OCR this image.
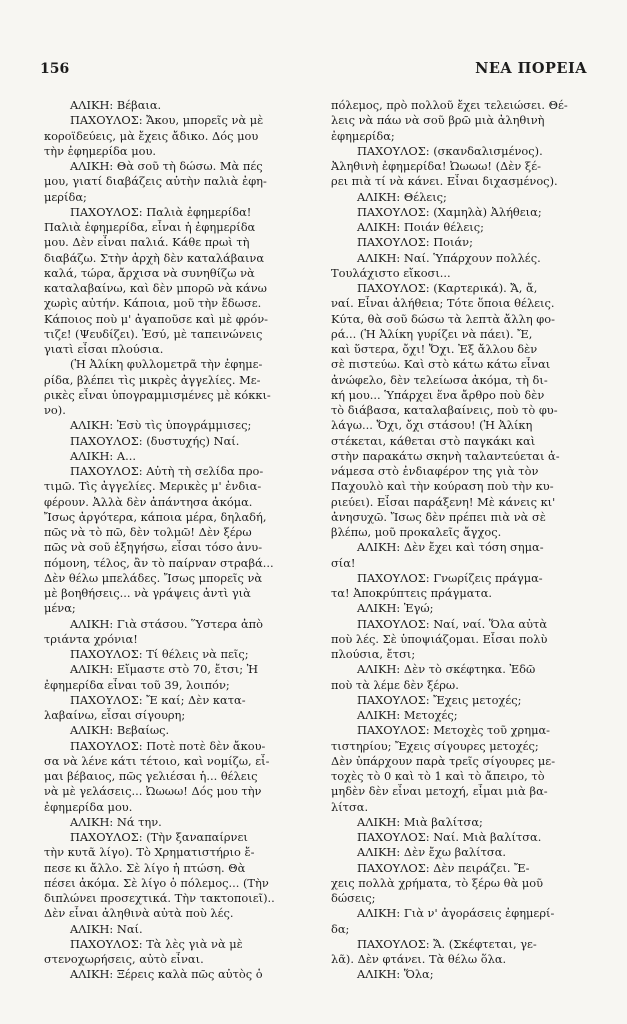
156	ΝΕΑ ΠΟΡΕΙΑ
ΑΛΙΚΗ: Βέβαια.
ΠΑΧΟΥΛΟΣ: Ἄκου, μπορεῖς νὰ μὲ
κοροϊδεύεις, μὰ ἔχεις ἄδικο. Δός μου
τὴν ἐφημερίδα μου.
ΑΛΙΚΗ: Θὰ σοῦ τὴ δώσω. Μὰ πές
μου, γιατί διαβάζεις αὐτὴν παλιὰ ἐφη-
μερίδα;
ΠΑΧΟΥΛΟΣ: Παλιὰ ἐφημερίδα!
Παλιὰ ἐφημερίδα, εἶναι ἡ ἐφημερίδα
μου. Δὲν εἶναι παλιά. Κάθε πρωὶ τὴ
διαβάζω. Στὴν ἀρχὴ δὲν καταλάβαινα
καλά, τώρα, ἄρχισα νὰ συνηθίζω νὰ
καταλαβαίνω, καὶ δὲν μπορῶ νὰ κάνω
χωρὶς αὐτήν. Κάποια, μοῦ τὴν ἔδωσε.
Κάποιος ποὺ μ' ἀγαποῦσε καὶ μὲ φρόν-
τιζε! (Ψευδίζει). Ἐσύ, μὲ ταπεινώνεις
γιατὶ εἶσαι πλούσια.
(Ἡ Ἀλίκη φυλλομετρᾶ τὴν ἐφημε-
ρίδα, βλέπει τὶς μικρὲς ἀγγελίες. Με-
ρικὲς εἶναι ὑπογραμμισμένες μὲ κόκκι-
νο).
ΑΛΙΚΗ: Ἐσὺ τὶς ὑπογράμμισες;
ΠΑΧΟΥΛΟΣ: (δυστυχής) Ναί.
ΑΛΙΚΗ: Α...
ΠΑΧΟΥΛΟΣ: Αὐτὴ τὴ σελίδα προ-
τιμῶ. Τὶς ἀγγελίες. Μερικὲς μ' ἐνδια-
φέρουν. Ἀλλὰ δὲν ἀπάντησα ἀκόμα.
Ἴσως ἀργότερα, κάποια μέρα, δηλαδή,
πῶς νὰ τὸ πῶ, δὲν τολμῶ! Δὲν ξέρω
πῶς νὰ σοῦ ἐξηγήσω, εἶσαι τόσο ἀνυ-
πόμονη, τέλος, ἂν τὸ παίρναν στραβά...
Δὲν θέλω μπελάδες. Ἴσως μπορεῖς νὰ
μὲ βοηθήσεις... νὰ γράψεις ἀντὶ γιὰ
μένα;
ΑΛΙΚΗ: Γιὰ στάσου. Ὕστερα ἀπὸ
τριάντα χρόνια!
ΠΑΧΟΥΛΟΣ: Τί θέλεις νὰ πεῖς;
ΑΛΙΚΗ: Εἴμαστε στὸ 70, ἔτσι; Ἡ
ἐφημερίδα εἶναι τοῦ 39, λοιπόν;
ΠΑΧΟΥΛΟΣ: Ἔ καί; Δὲν κατα-
λαβαίνω, εἶσαι σίγουρη;
ΑΛΙΚΗ: Βεβαίως.
ΠΑΧΟΥΛΟΣ: Ποτὲ ποτὲ δὲν ἄκου-
σα νὰ λένε κάτι τέτοιο, καὶ νομίζω, εἶ-
μαι βέβαιος, πῶς γελιέσαι ἡ... θέλεις
νὰ μὲ γελάσεις... Ὠωωω! Δός μου τὴν
ἐφημερίδα μου.
ΑΛΙΚΗ: Νά την.
ΠΑΧΟΥΛΟΣ: (Τὴν ξαναπαίρνει
τὴν κυτᾶ λίγο). Τὸ Χρηματιστήριο ἔ-
πεσε κι ἄλλο. Σὲ λίγο ἡ πτώση. Θὰ
πέσει ἀκόμα. Σὲ λίγο ὁ πόλεμος... (Τὴν
διπλώνει προσεχτικά. Τὴν τακτοποιεῖ)..
Δὲν εἶναι ἀληθινὰ αὐτὰ ποὺ λές.
ΑΛΙΚΗ: Ναί.
ΠΑΧΟΥΛΟΣ: Τὰ λὲς γιὰ νὰ μὲ
στενοχωρήσεις, αὐτὸ εἶναι.
ΑΛΙΚΗ: Ξέρεις καλὰ πῶς αὐτὸς ὁ
πόλεμος, πρὸ πολλοῦ ἔχει τελειώσει. Θέ-
λεις νὰ πάω νὰ σοῦ βρῶ μιὰ ἀληθινὴ
ἐφημερίδα;
ΠΑΧΟΥΛΟΣ: (σκανδαλισμένος).
Ἀληθινὴ ἐφημερίδα! Ὠωωω! (Δὲν ξέ-
ρει πιὰ τί νὰ κάνει. Εἶναι διχασμένος).
ΑΛΙΚΗ: Θέλεις;
ΠΑΧΟΥΛΟΣ: (Χαμηλὰ) Ἀλήθεια;
ΑΛΙΚΗ: Ποιάν θέλεις;
ΠΑΧΟΥΛΟΣ: Ποιάν;
ΑΛΙΚΗ: Ναί. Ὑπάρχουν πολλές.
Τουλάχιστο εἴκοσι...
ΠΑΧΟΥΛΟΣ: (Καρτερικά). Ἄ, ἄ,
ναί. Εἶναι ἀλήθεια; Τότε ὅποια θέλεις.
Κύτα, θὰ σοῦ δώσω τὰ λεπτὰ ἄλλη φο-
ρά... (Ἡ Ἀλίκη γυρίζει νὰ πάει). Ἔ,
καὶ ὕστερα, ὄχι! Ὄχι. Ἐξ ἄλλου δὲν
σὲ πιστεύω. Καὶ στὸ κάτω κάτω εἶναι
ἀνώφελο, δὲν τελείωσα ἀκόμα, τὴ δι-
κή μου... Ὑπάρχει ἕνα ἄρθρο ποὺ δὲν
τὸ διάβασα, καταλαβαίνεις, ποὺ τὸ φυ-
λάγω... Ὄχι, ὄχι στάσου! (Ἡ Ἀλίκη
στέκεται, κάθεται στὸ παγκάκι καὶ
στὴν παρακάτω σκηνὴ ταλαντεύεται ἀ-
νάμεσα στὸ ἐνδιαφέρον της γιὰ τὸν
Παχουλὸ καὶ τὴν κούραση ποὺ τὴν κυ-
ριεύει). Εἶσαι παράξενη! Μὲ κάνεις κι'
ἀνησυχῶ. Ἴσως δὲν πρέπει πιὰ νὰ σὲ
βλέπω, μοῦ προκαλεῖς ἄγχος.
ΑΛΙΚΗ: Δὲν ἔχει καὶ τόση σημα-
σία!
ΠΑΧΟΥΛΟΣ: Γνωρίζεις πράγμα-
τα! Ἀποκρύπτεις πράγματα.
ΑΛΙΚΗ: Ἐγώ;
ΠΑΧΟΥΛΟΣ: Ναί, ναί. Ὅλα αὐτὰ
ποὺ λές. Σὲ ὑποψιάζομαι. Εἶσαι πολὺ
πλούσια, ἔτσι;
ΑΛΙΚΗ: Δὲν τὸ σκέφτηκα. Ἐδῶ
ποὺ τὰ λέμε δὲν ξέρω.
ΠΑΧΟΥΛΟΣ: Ἔχεις μετοχές;
ΑΛΙΚΗ: Μετοχές;
ΠΑΧΟΥΛΟΣ: Μετοχὲς τοῦ χρημα-
τιστηρίου; Ἔχεις σίγουρες μετοχές;
Δὲν ὑπάρχουν παρὰ τρεῖς σίγουρες με-
τοχὲς τὸ 0 καὶ τὸ 1 καὶ τὸ ἄπειρο, τὸ
μηδὲν δὲν εἶναι μετοχή, εἶμαι μιὰ βα-
λίτσα.
ΑΛΙΚΗ: Μιὰ βαλίτσα;
ΠΑΧΟΥΛΟΣ: Ναί. Μιὰ βαλίτσα.
ΑΛΙΚΗ: Δὲν ἔχω βαλίτσα.
ΠΑΧΟΥΛΟΣ: Δὲν πειράζει. Ἔ-
χεις πολλὰ χρήματα, τὸ ξέρω θὰ μοῦ
δώσεις;
ΑΛΙΚΗ: Γιὰ ν' ἀγοράσεις ἐφημερί-
δα;
ΠΑΧΟΥΛΟΣ: Ἄ. (Σκέφτεται, γε-
λᾶ). Δὲν φτάνει. Τὰ θέλω ὅλα.
ΑΛΙΚΗ: Ὅλα;
